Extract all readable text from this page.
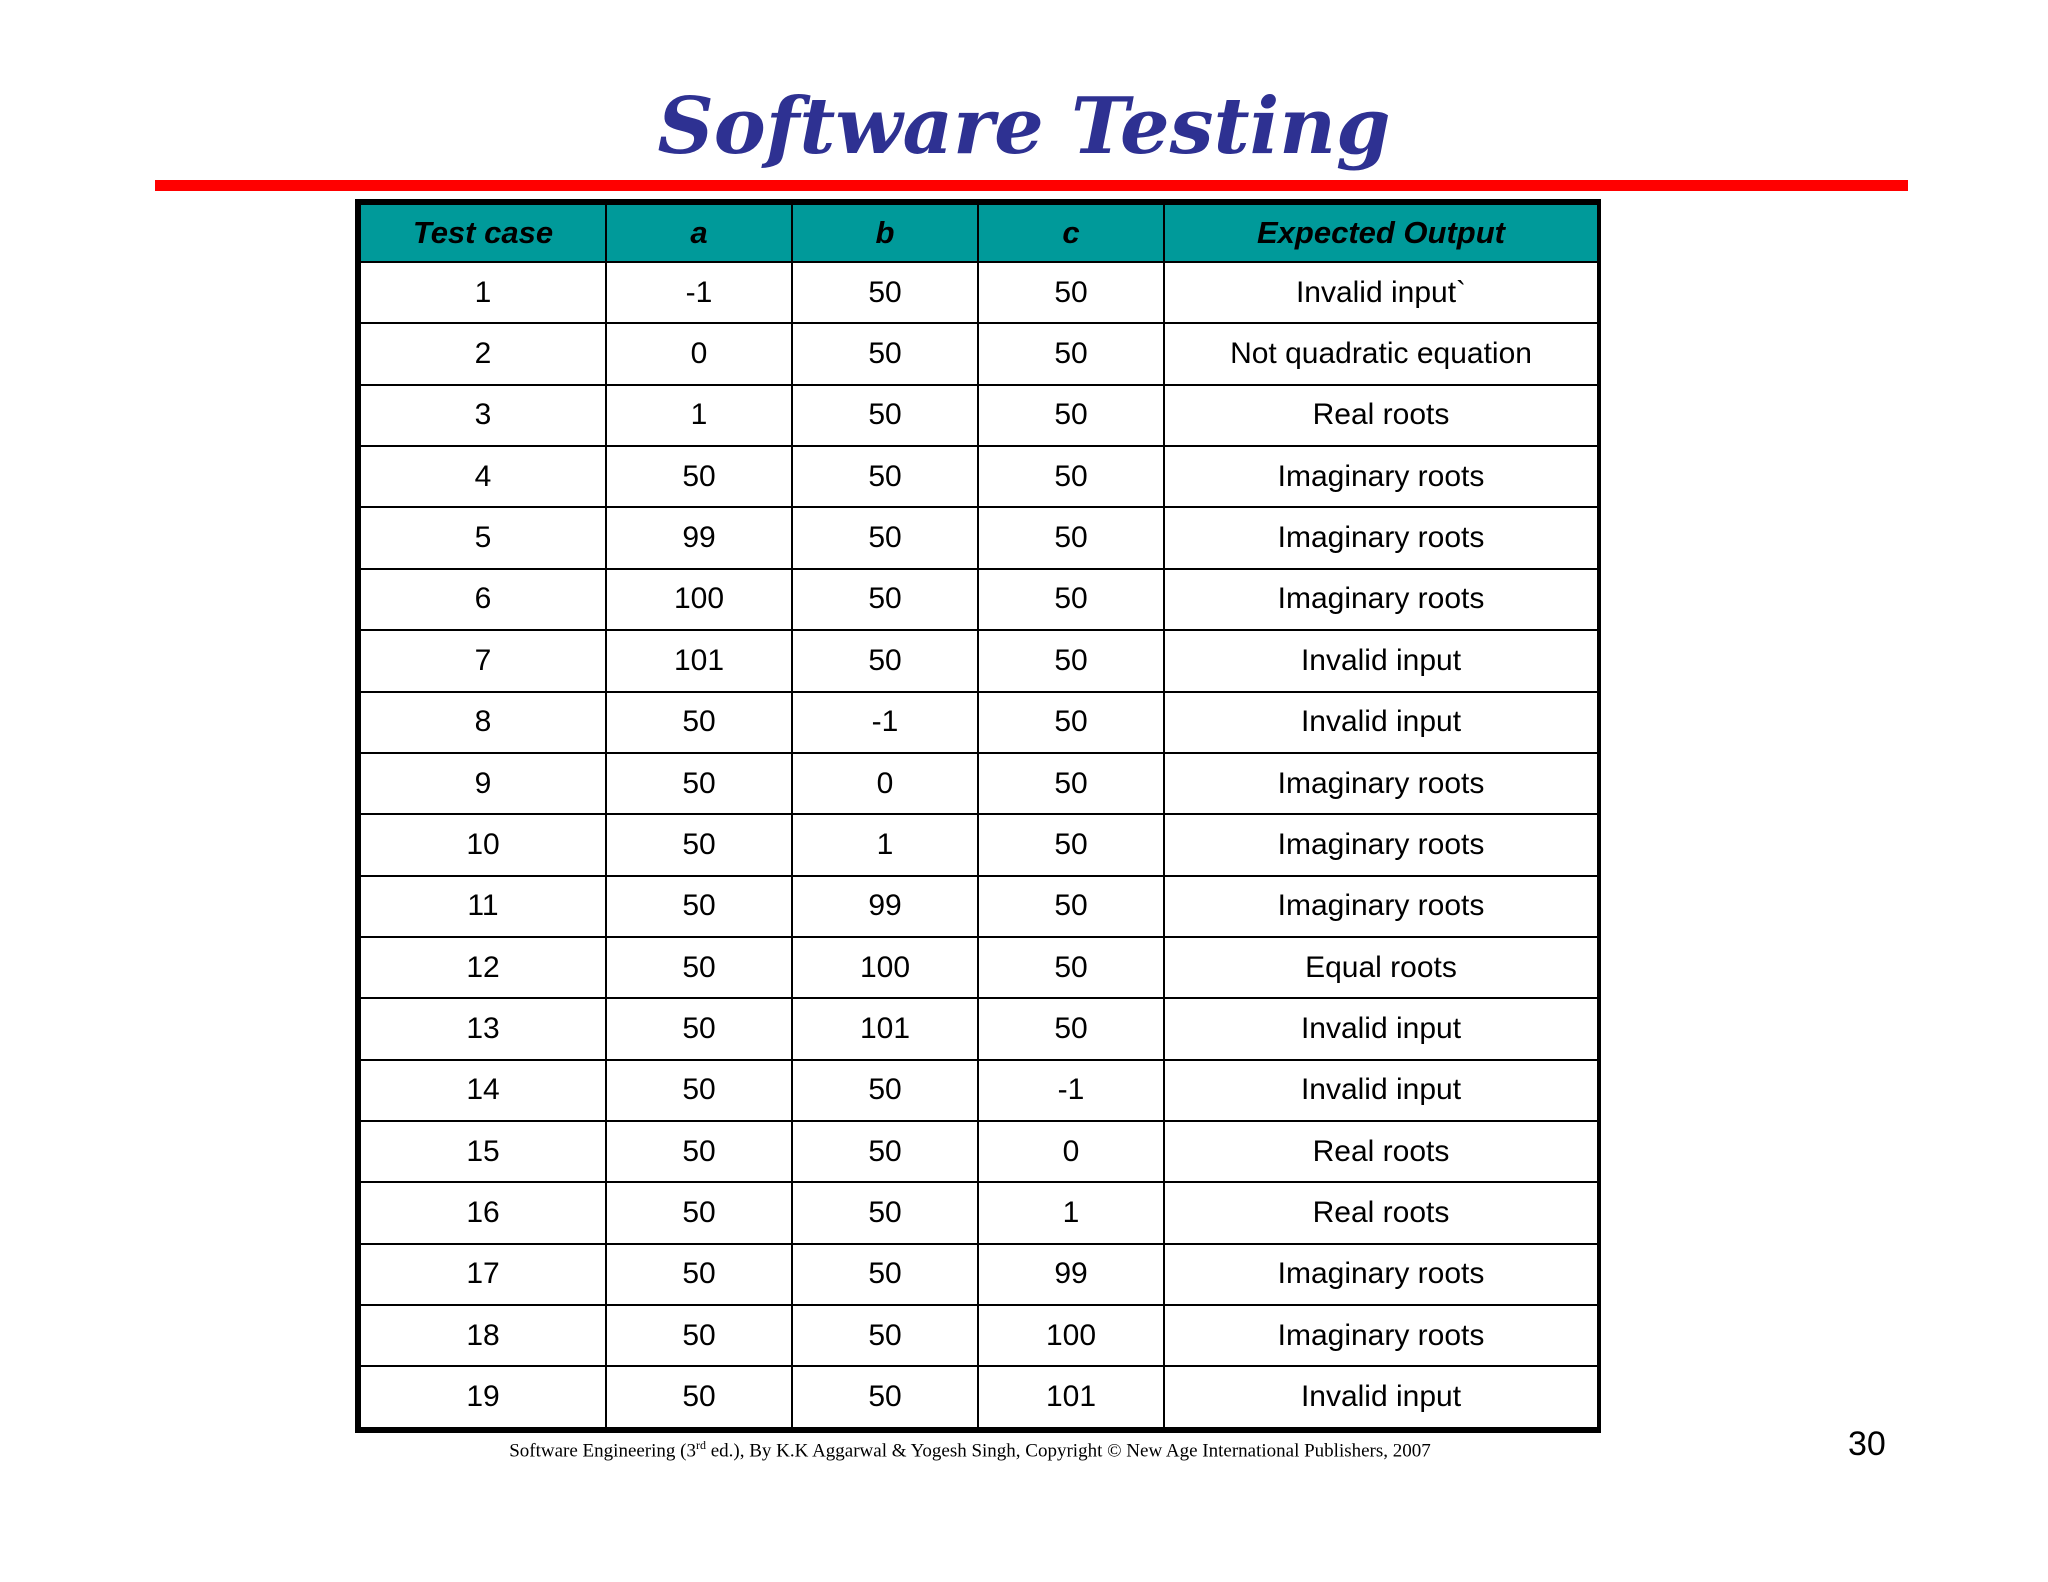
Software Testing
Test case	a	b	c	Expected Output
1	-1	50	50	Invalid input`
2	0	50	50	Not quadratic equation
3	1	50	50	Real roots
4	50	50	50	Imaginary roots
5	99	50	50	Imaginary roots
6	100	50	50	Imaginary roots
7	101	50	50	Invalid input
8	50	-1	50	Invalid input
9	50	0	50	Imaginary roots
10	50	1	50	Imaginary roots
11	50	99	50	Imaginary roots
12	50	100	50	Equal roots
13	50	101	50	Invalid input
14	50	50	-1	Invalid input
15	50	50	0	Real roots
16	50	50	1	Real roots
17	50	50	99	Imaginary roots
18	50	50	100	Imaginary roots
19	50	50	101	Invalid input
Software Engineering (3rd ed.), By K.K Aggarwal & Yogesh Singh, Copyright © New Age International Publishers, 2007	30
